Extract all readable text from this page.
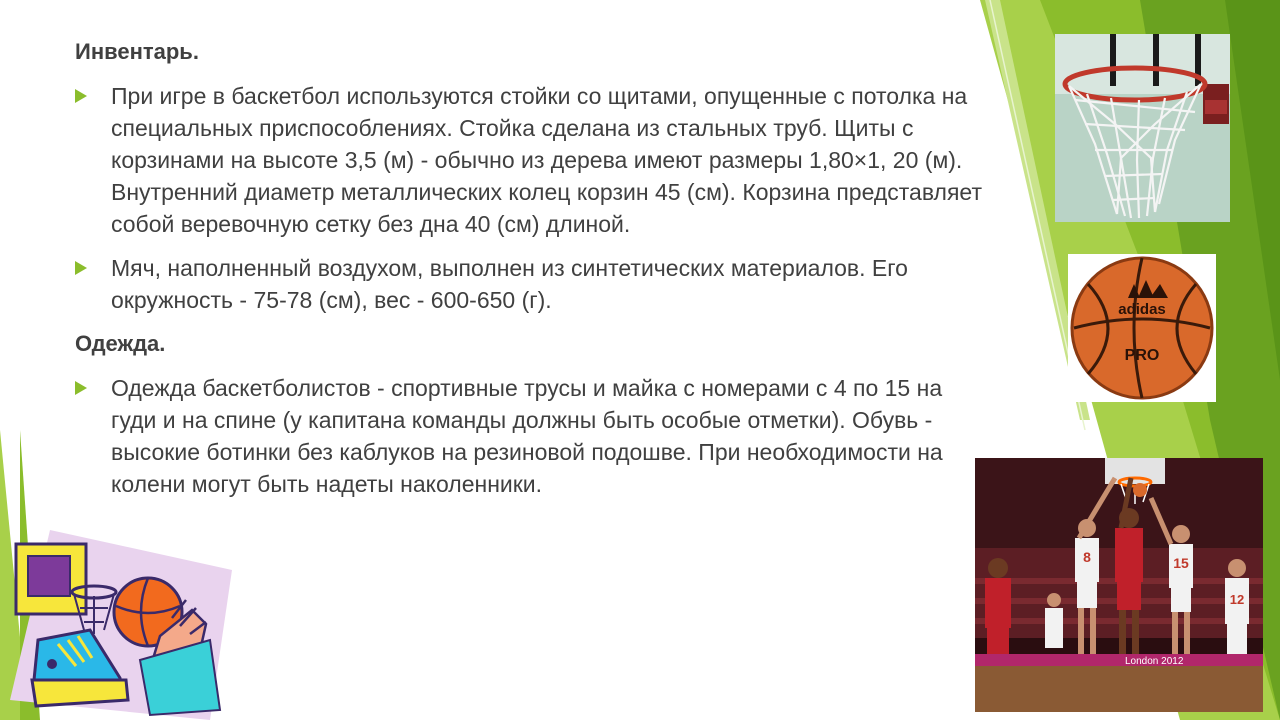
Инвентарь.
При игре в баскетбол используются стойки со щитами, опущенные с потолка на специальных приспособлениях. Стойка сделана из стальных труб. Щиты с корзинами на высоте 3,5 (м) - обычно из дерева имеют размеры 1,80×1, 20 (м). Внутренний диаметр металлических колец корзин 45 (см). Корзина представляет собой веревочную сетку без дна 40 (см) длиной.
Мяч, наполненный воздухом, выполнен из синтетических материалов. Его окружность - 75-78 (см), вес - 600-650 (г).
Одежда.
Одежда баскетболистов - спортивные трусы и майка с номерами с 4 по 15 на гуди и на спине (у капитана команды должны быть особые отметки). Обувь - высокие ботинки без каблуков на резиновой подошве. При необходимости на колени могут быть надеты наколенники.
adidas
PRO
London 2012
8	15
12
